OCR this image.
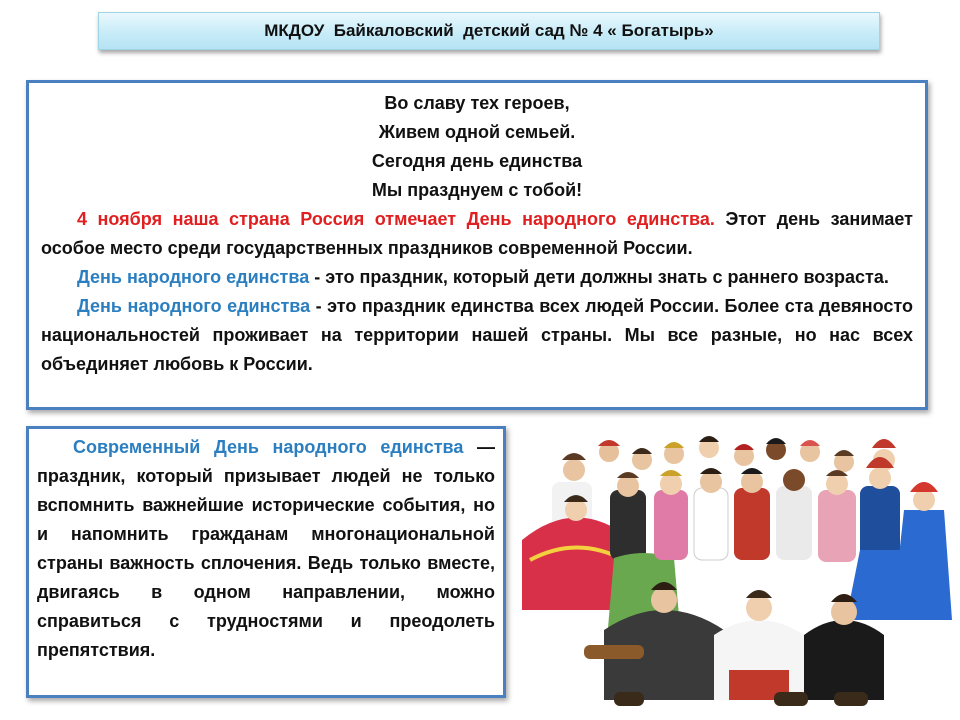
МКДОУ  Байкаловский  детский сад № 4 « Богатырь»
Во славу тех героев,
Живем одной семьей.
Сегодня день единства
Мы празднуем с тобой!

4 ноября наша страна Россия отмечает День народного единства. Этот день занимает особое место среди государственных праздников современной России.

День народного единства - это праздник, который дети должны знать с раннего возраста.

День народного единства - это праздник единства всех людей России. Более ста девяносто национальностей проживает на территории нашей страны. Мы все разные, но нас всех объединяет любовь к России.

Современный День народного единства — праздник, который призывает людей не только вспомнить важнейшие исторические события, но и напомнить гражданам многонациональной страны важность сплочения. Ведь только вместе, двигаясь в одном направлении, можно справиться с трудностями и преодолеть препятствия.
